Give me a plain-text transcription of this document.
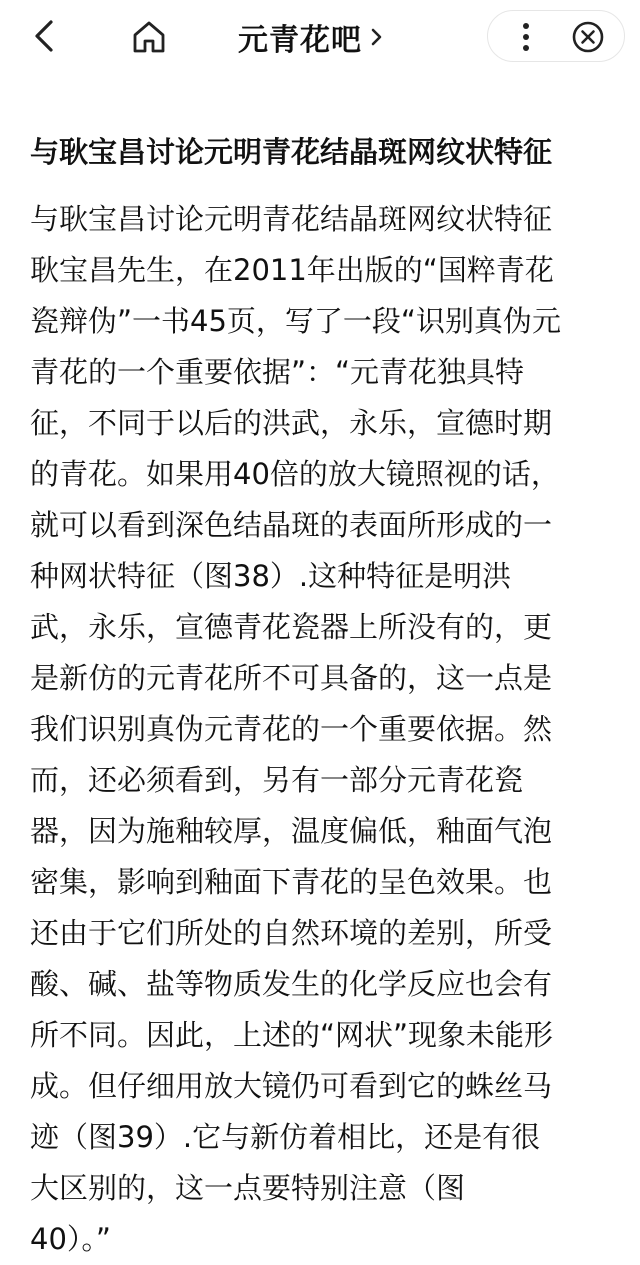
元青花吧
与耿宝昌讨论元明青花结晶斑网纹状特征
与耿宝昌讨论元明青花结晶斑网纹状特征
耿宝昌先生，在2011年出版的“国粹青花
瓷辩伪”一书45页，写了一段“识别真伪元
青花的一个重要依据”：“元青花独具特
征，不同于以后的洪武，永乐，宣德时期
的青花。如果用40倍的放大镜照视的话，
就可以看到深色结晶斑的表面所形成的一
种网状特征（图38）.这种特征是明洪
武，永乐，宣德青花瓷器上所没有的，更
是新仿的元青花所不可具备的，这一点是
我们识别真伪元青花的一个重要依据。然
而，还必须看到，另有一部分元青花瓷
器，因为施釉较厚，温度偏低，釉面气泡
密集，影响到釉面下青花的呈色效果。也
还由于它们所处的自然环境的差别，所受
酸、碱、盐等物质发生的化学反应也会有
所不同。因此，上述的“网状”现象未能形
成。但仔细用放大镜仍可看到它的蛛丝马
迹（图39）.它与新仿着相比，还是有很
大区别的，这一点要特别注意（图
40）。”
